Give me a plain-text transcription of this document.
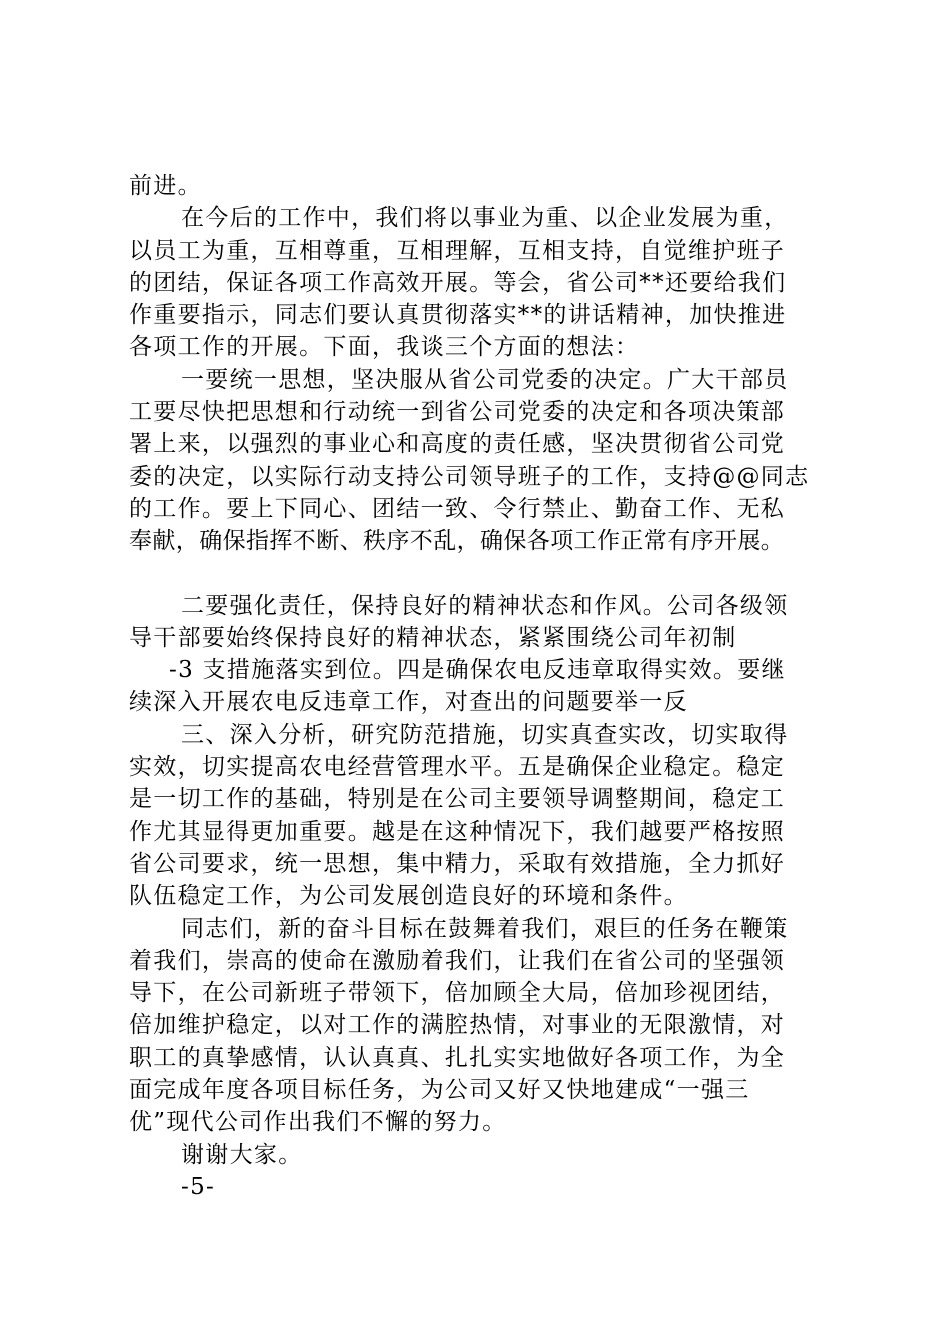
前进。
在今后的工作中，我们将以事业为重、以企业发展为重，
以员工为重，互相尊重，互相理解，互相支持，自觉维护班子
的团结，保证各项工作高效开展。等会，省公司**还要给我们
作重要指示，同志们要认真贯彻落实**的讲话精神，加快推进
各项工作的开展。下面，我谈三个方面的想法：
一要统一思想，坚决服从省公司党委的决定。广大干部员
工要尽快把思想和行动统一到省公司党委的决定和各项决策部
署上来，以强烈的事业心和高度的责任感，坚决贯彻省公司党
委的决定，以实际行动支持公司领导班子的工作，支持@@同志
的工作。要上下同心、团结一致、令行禁止、勤奋工作、无私
奉献，确保指挥不断、秩序不乱，确保各项工作正常有序开展。
二要强化责任，保持良好的精神状态和作风。公司各级领
导干部要始终保持良好的精神状态，紧紧围绕公司年初制
-3 支措施落实到位。四是确保农电反违章取得实效。要继
续深入开展农电反违章工作，对查出的问题要举一反
三、深入分析，研究防范措施，切实真查实改，切实取得
实效，切实提高农电经营管理水平。五是确保企业稳定。稳定
是一切工作的基础，特别是在公司主要领导调整期间，稳定工
作尤其显得更加重要。越是在这种情况下，我们越要严格按照
省公司要求，统一思想，集中精力，采取有效措施，全力抓好
队伍稳定工作，为公司发展创造良好的环境和条件。
同志们，新的奋斗目标在鼓舞着我们，艰巨的任务在鞭策
着我们，崇高的使命在激励着我们，让我们在省公司的坚强领
导下，在公司新班子带领下，倍加顾全大局，倍加珍视团结，
倍加维护稳定，以对工作的满腔热情，对事业的无限激情，对
职工的真挚感情，认认真真、扎扎实实地做好各项工作，为全
面完成年度各项目标任务，为公司又好又快地建成“一强三
优”现代公司作出我们不懈的努力。
谢谢大家。
-5-
